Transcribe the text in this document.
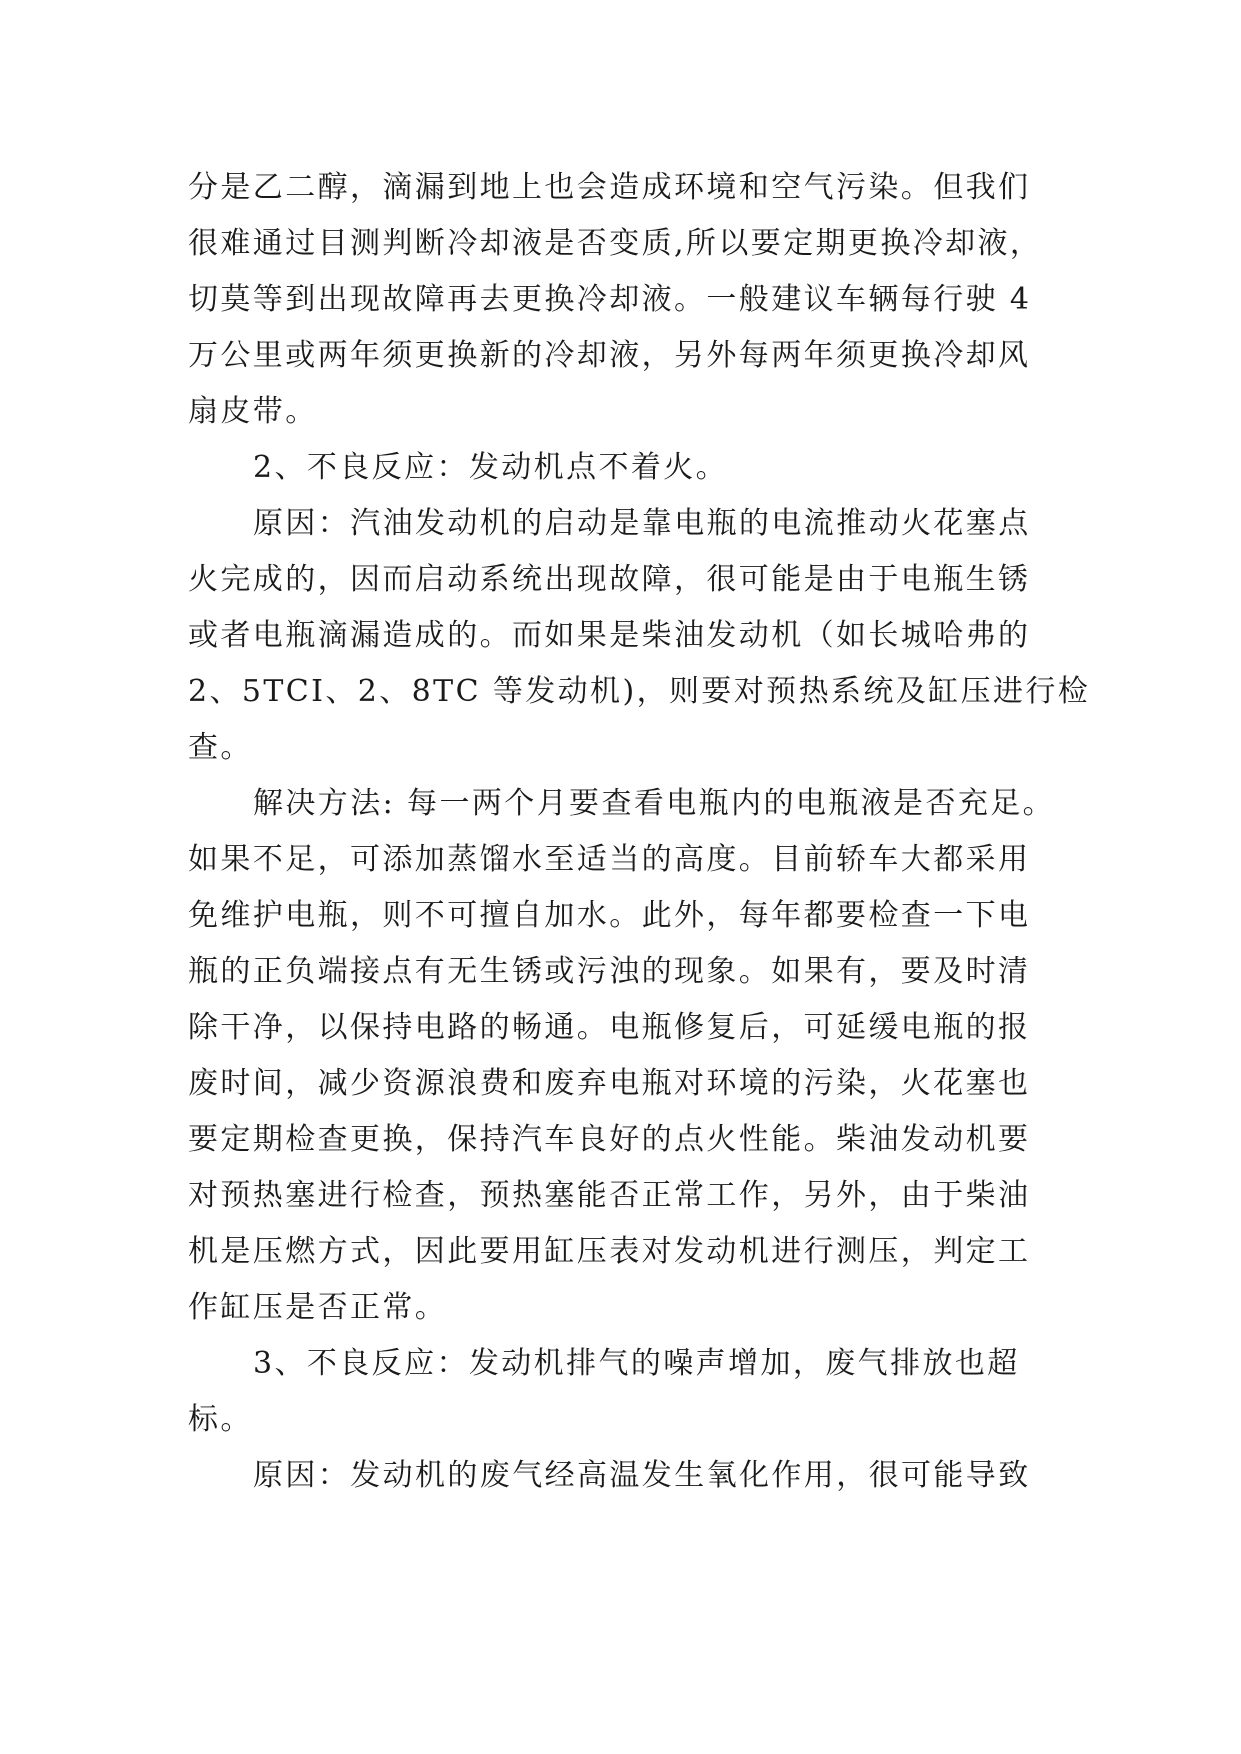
分是乙二醇，滴漏到地上也会造成环境和空气污染。但我们
很难通过目测判断冷却液是否变质,所以要定期更换冷却液，
切莫等到出现故障再去更换冷却液。一般建议车辆每行驶 4
万公里或两年须更换新的冷却液，另外每两年须更换冷却风
扇皮带。
2、不良反应：发动机点不着火。
原因：汽油发动机的启动是靠电瓶的电流推动火花塞点
火完成的，因而启动系统出现故障，很可能是由于电瓶生锈
或者电瓶滴漏造成的。而如果是柴油发动机（如长城哈弗的
2、5TCI、2、8TC 等发动机)，则要对预热系统及缸压进行检
查。
解决方法: 每一两个月要查看电瓶内的电瓶液是否充足。
如果不足，可添加蒸馏水至适当的高度。目前轿车大都采用
免维护电瓶，则不可擅自加水。此外，每年都要检查一下电
瓶的正负端接点有无生锈或污浊的现象。如果有，要及时清
除干净，以保持电路的畅通。电瓶修复后，可延缓电瓶的报
废时间，减少资源浪费和废弃电瓶对环境的污染，火花塞也
要定期检查更换，保持汽车良好的点火性能。柴油发动机要
对预热塞进行检查，预热塞能否正常工作，另外，由于柴油
机是压燃方式，因此要用缸压表对发动机进行测压，判定工
作缸压是否正常。
3、不良反应：发动机排气的噪声增加，废气排放也超
标。
原因：发动机的废气经高温发生氧化作用，很可能导致
